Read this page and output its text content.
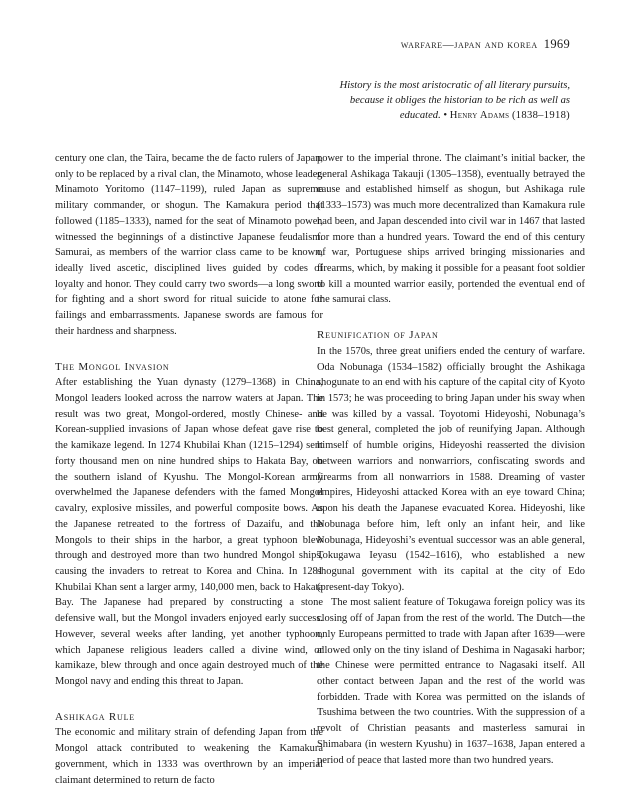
warfare—japan and korea 1969
History is the most aristocratic of all literary pursuits, because it obliges the historian to be rich as well as educated. • Henry Adams (1838–1918)

century one clan, the Taira, became the de facto rulers of Japan, only to be replaced by a rival clan, the Minamoto, whose leader, Minamoto Yoritomo (1147–1199), ruled Japan as supreme military commander, or shogun. The Kamakura period that followed (1185–1333), named for the seat of Minamoto power, witnessed the beginnings of a distinctive Japanese feudalism. Samurai, as members of the warrior class came to be known, ideally lived ascetic, disciplined lives guided by codes of loyalty and honor. They could carry two swords—a long sword for fighting and a short sword for ritual suicide to atone for failings and embarrassments. Japanese swords are famous for their hardness and sharpness.

The Mongol Invasion

After establishing the Yuan dynasty (1279–1368) in China, Mongol leaders looked across the narrow waters at Japan. The result was two great, Mongol-ordered, mostly Chinese- and Korean-supplied invasions of Japan whose defeat gave rise to the kamikaze legend. In 1274 Khubilai Khan (1215–1294) sent forty thousand men on nine hundred ships to Hakata Bay, on the southern island of Kyushu. The Mongol-Korean army overwhelmed the Japanese defenders with the famed Mongol cavalry, explosive missiles, and powerful composite bows. As the Japanese retreated to the fortress of Dazaifu, and the Mongols to their ships in the harbor, a great typhoon blew through and destroyed more than two hundred Mongol ships, causing the invaders to retreat to Korea and China. In 1281 Khubilai Khan sent a larger army, 140,000 men, back to Hakata Bay. The Japanese had prepared by constructing a stone defensive wall, but the Mongol invaders enjoyed early success. However, several weeks after landing, yet another typhoon, which Japanese religious leaders called a divine wind, or kamikaze, blew through and once again destroyed much of the Mongol navy and ending this threat to Japan.

Ashikaga Rule

The economic and military strain of defending Japan from the Mongol attack contributed to weakening the Kamakura government, which in 1333 was overthrown by an imperial claimant determined to return de facto

power to the imperial throne. The claimant’s initial backer, the general Ashikaga Takauji (1305–1358), eventually betrayed the cause and established himself as shogun, but Ashikaga rule (1333–1573) was much more decentralized than Kamakura rule had been, and Japan descended into civil war in 1467 that lasted for more than a hundred years. Toward the end of this century of war, Portuguese ships arrived bringing missionaries and firearms, which, by making it possible for a peasant foot soldier to kill a mounted warrior easily, portended the eventual end of the samurai class.

Reunification of Japan

In the 1570s, three great unifiers ended the century of warfare. Oda Nobunaga (1534–1582) officially brought the Ashikaga shogunate to an end with his capture of the capital city of Kyoto in 1573; he was proceeding to bring Japan under his sway when he was killed by a vassal. Toyotomi Hideyoshi, Nobunaga’s best general, completed the job of reunifying Japan. Although himself of humble origins, Hideyoshi reasserted the division between warriors and nonwarriors, confiscating swords and firearms from all nonwarriors in 1588. Dreaming of vaster empires, Hideyoshi attacked Korea with an eye toward China; upon his death the Japanese evacuated Korea. Hideyoshi, like Nobunaga before him, left only an infant heir, and like Nobunaga, Hideyoshi’s eventual successor was an able general, Tokugawa Ieyasu (1542–1616), who established a new shogunal government with its capital at the city of Edo (present-day Tokyo).

The most salient feature of Tokugawa foreign policy was its closing off of Japan from the rest of the world. The Dutch—the only Europeans permitted to trade with Japan after 1639—were allowed only on the tiny island of Deshima in Nagasaki harbor; the Chinese were permitted entrance to Nagasaki itself. All other contact between Japan and the rest of the world was forbidden. Trade with Korea was permitted on the islands of Tsushima between the two countries. With the suppression of a revolt of Christian peasants and masterless samurai in Shimabara (in western Kyushu) in 1637–1638, Japan entered a period of peace that lasted more than two hundred years.
